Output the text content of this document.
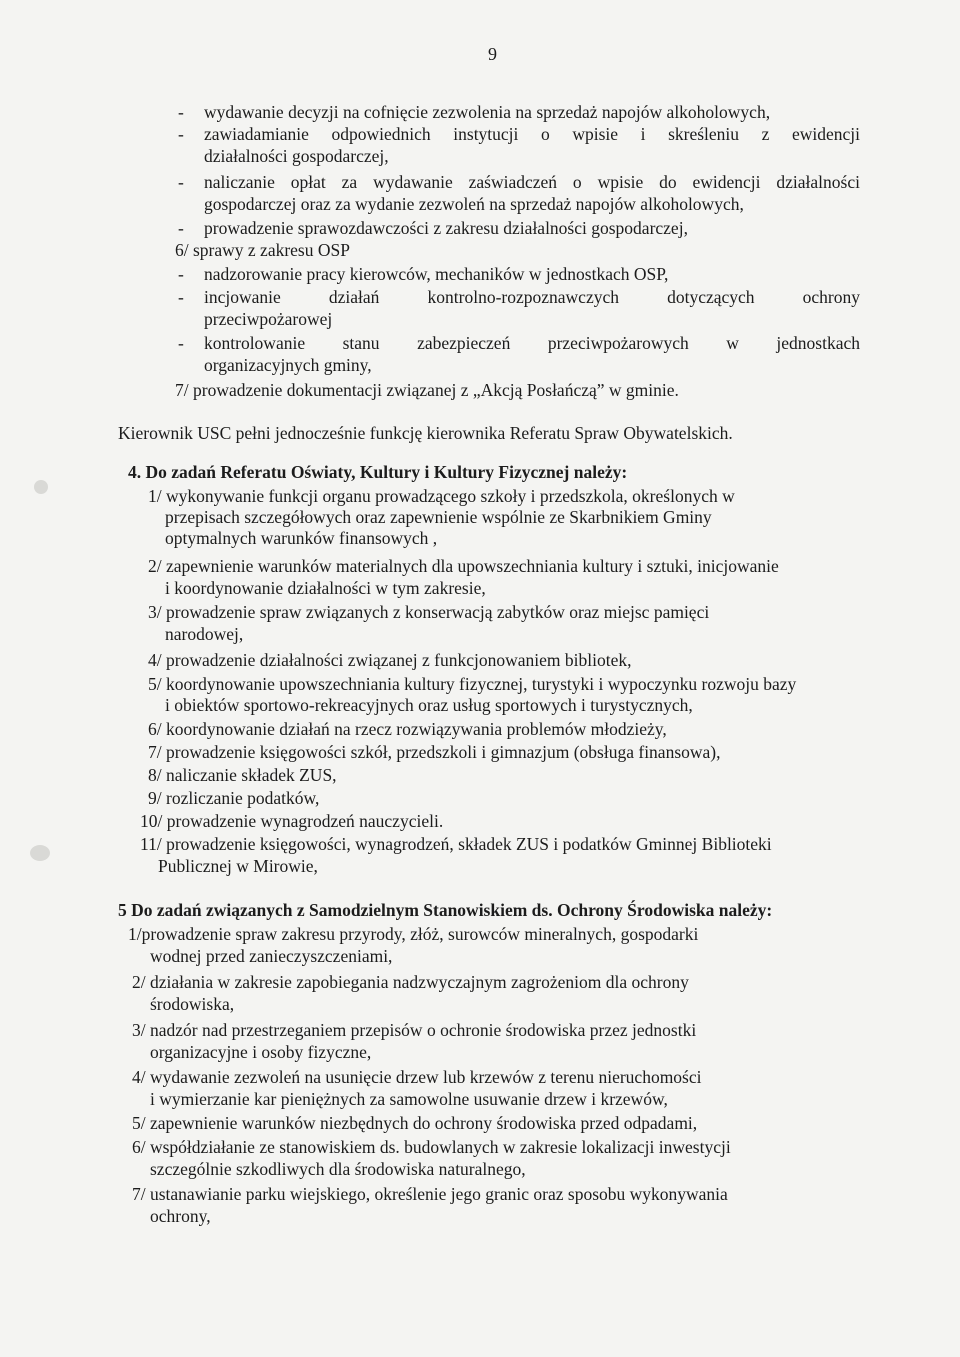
9
- wydawanie decyzji na cofnięcie zezwolenia na sprzedaż napojów alkoholowych,
- zawiadamianie odpowiednich instytucji o wpisie i skreśleniu z ewidencji
działalności gospodarczej,
- naliczanie opłat za wydawanie zaświadczeń o wpisie do ewidencji działalności
gospodarczej oraz za wydanie zezwoleń na sprzedaż napojów alkoholowych,
- prowadzenie sprawozdawczości z zakresu działalności gospodarczej,
6/ sprawy z zakresu OSP
- nadzorowanie pracy kierowców, mechaników w jednostkach OSP,
- incjowanie działań kontrolno-rozpoznawczych dotyczących ochrony
przeciwpożarowej
- kontrolowanie stanu zabezpieczeń przeciwpożarowych w jednostkach
organizacyjnych gminy,
7/ prowadzenie dokumentacji związanej z „Akcją Posłańczą” w gminie.
Kierownik USC pełni jednocześnie funkcję kierownika Referatu Spraw Obywatelskich.
4. Do zadań Referatu Oświaty, Kultury i Kultury Fizycznej należy:
1/ wykonywanie funkcji organu prowadzącego szkoły i przedszkola, określonych w
przepisach szczegółowych oraz zapewnienie wspólnie ze Skarbnikiem Gminy
optymalnych warunków finansowych ,
2/ zapewnienie warunków materialnych dla upowszechniania kultury i sztuki, inicjowanie
i koordynowanie działalności w tym zakresie,
3/ prowadzenie spraw związanych z konserwacją zabytków oraz miejsc pamięci
narodowej,
4/ prowadzenie działalności związanej z funkcjonowaniem bibliotek,
5/ koordynowanie upowszechniania kultury fizycznej, turystyki i wypoczynku rozwoju bazy
i obiektów sportowo-rekreacyjnych oraz usług sportowych i turystycznych,
6/ koordynowanie działań na rzecz rozwiązywania problemów młodzieży,
7/ prowadzenie księgowości szkół, przedszkoli i gimnazjum (obsługa finansowa),
8/ naliczanie składek ZUS,
9/ rozliczanie podatków,
10/ prowadzenie wynagrodzeń nauczycieli.
11/ prowadzenie księgowości, wynagrodzeń, składek ZUS i podatków Gminnej Biblioteki
Publicznej w Mirowie,
5 Do zadań związanych z Samodzielnym Stanowiskiem ds. Ochrony Środowiska należy:
1/prowadzenie spraw zakresu przyrody, złóż, surowców mineralnych, gospodarki
wodnej przed zanieczyszczeniami,
2/ działania w zakresie zapobiegania nadzwyczajnym zagrożeniom dla ochrony
środowiska,
3/ nadzór nad przestrzeganiem przepisów o ochronie środowiska przez jednostki
organizacyjne i osoby fizyczne,
4/ wydawanie zezwoleń na usunięcie drzew lub krzewów z terenu nieruchomości
i wymierzanie kar pieniężnych za samowolne usuwanie drzew i krzewów,
5/ zapewnienie warunków niezbędnych do ochrony środowiska przed odpadami,
6/ współdziałanie ze stanowiskiem ds. budowlanych w zakresie lokalizacji inwestycji
szczególnie szkodliwych dla środowiska naturalnego,
7/ ustanawianie parku wiejskiego, określenie jego granic oraz sposobu wykonywania
ochrony,
